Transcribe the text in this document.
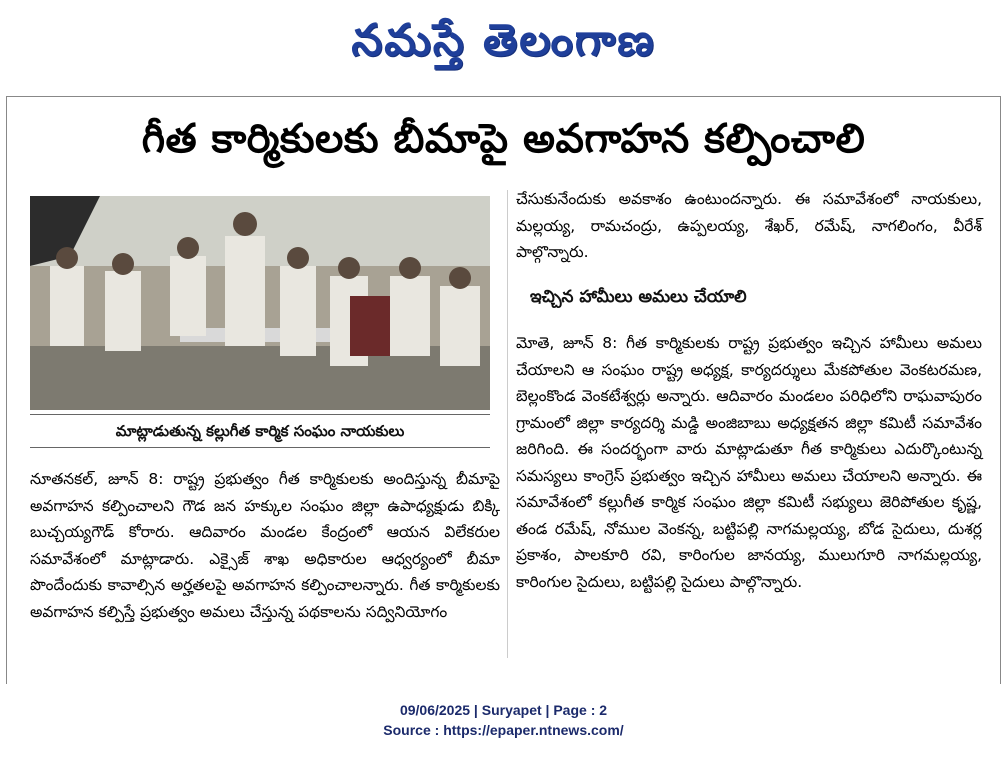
నమస్తే తెలంగాణ
గీత కార్మికులకు బీమాపై అవగాహన కల్పించాలి
మాట్లాడుతున్న కల్లుగీత కార్మిక సంఘం నాయకులు

నూతనకల్, జూన్ 8: రాష్ట్ర ప్రభుత్వం గీత కార్మికులకు అందిస్తున్న బీమాపై అవగాహన కల్పించాలని గౌడ జన హక్కుల సంఘం జిల్లా ఉపాధ్యక్షుడు బిక్కి బుచ్చయ్యగౌడ్ కోరారు. ఆదివారం మండల కేంద్రంలో ఆయన విలేకరుల సమావేశంలో మాట్లాడారు. ఎక్సైజ్ శాఖ అధికారుల ఆధ్వర్యంలో బీమా పొందేందుకు కావాల్సిన అర్హతలపై అవగాహన కల్పించాలన్నారు. గీత కార్మికులకు అవగాహన కల్పిస్తే ప్రభుత్వం అమలు చేస్తున్న పథకాలను సద్వినియోగం

చేసుకునేందుకు అవకాశం ఉంటుందన్నారు. ఈ సమావేశంలో నాయకులు, మల్లయ్య, రామచంద్రు, ఉప్పలయ్య, శేఖర్, రమేష్, నాగలింగం, వీరేశ్ పాల్గొన్నారు.

ఇచ్చిన హామీలు అమలు చేయాలి

మోతె, జూన్ 8: గీత కార్మికులకు రాష్ట్ర ప్రభుత్వం ఇచ్చిన హామీలు అమలు చేయాలని ఆ సంఘం రాష్ట్ర అధ్యక్ష, కార్యదర్శులు మేకపోతుల వెంకటరమణ, బెల్లంకొండ వెంకటేశ్వర్లు అన్నారు. ఆదివారం మండలం పరిధిలోని రాఘవాపురం గ్రామంలో జిల్లా కార్యదర్శి మడ్డి అంజిబాబు అధ్యక్షతన జిల్లా కమిటీ సమావేశం జరిగింది. ఈ సందర్భంగా వారు మాట్లాడుతూ గీత కార్మికులు ఎదుర్కొంటున్న సమస్యలు కాంగ్రెస్ ప్రభుత్వం ఇచ్చిన హామీలు అమలు చేయాలని అన్నారు. ఈ సమావేశంలో కల్లుగీత కార్మిక సంఘం జిల్లా కమిటీ సభ్యులు జెరిపోతుల కృష్ణ, తండ రమేష్, నోముల వెంకన్న, బట్టిపల్లి నాగమల్లయ్య, బోడ సైదులు, దుశర్ల ప్రకాశం, పాలకూరి రవి, కారింగుల జానయ్య, ములుగూరి నాగమల్లయ్య, కారింగుల సైదులు, బట్టిపల్లి సైదులు పాల్గొన్నారు.

09/06/2025 | Suryapet | Page : 2
Source : https://epaper.ntnews.com/
